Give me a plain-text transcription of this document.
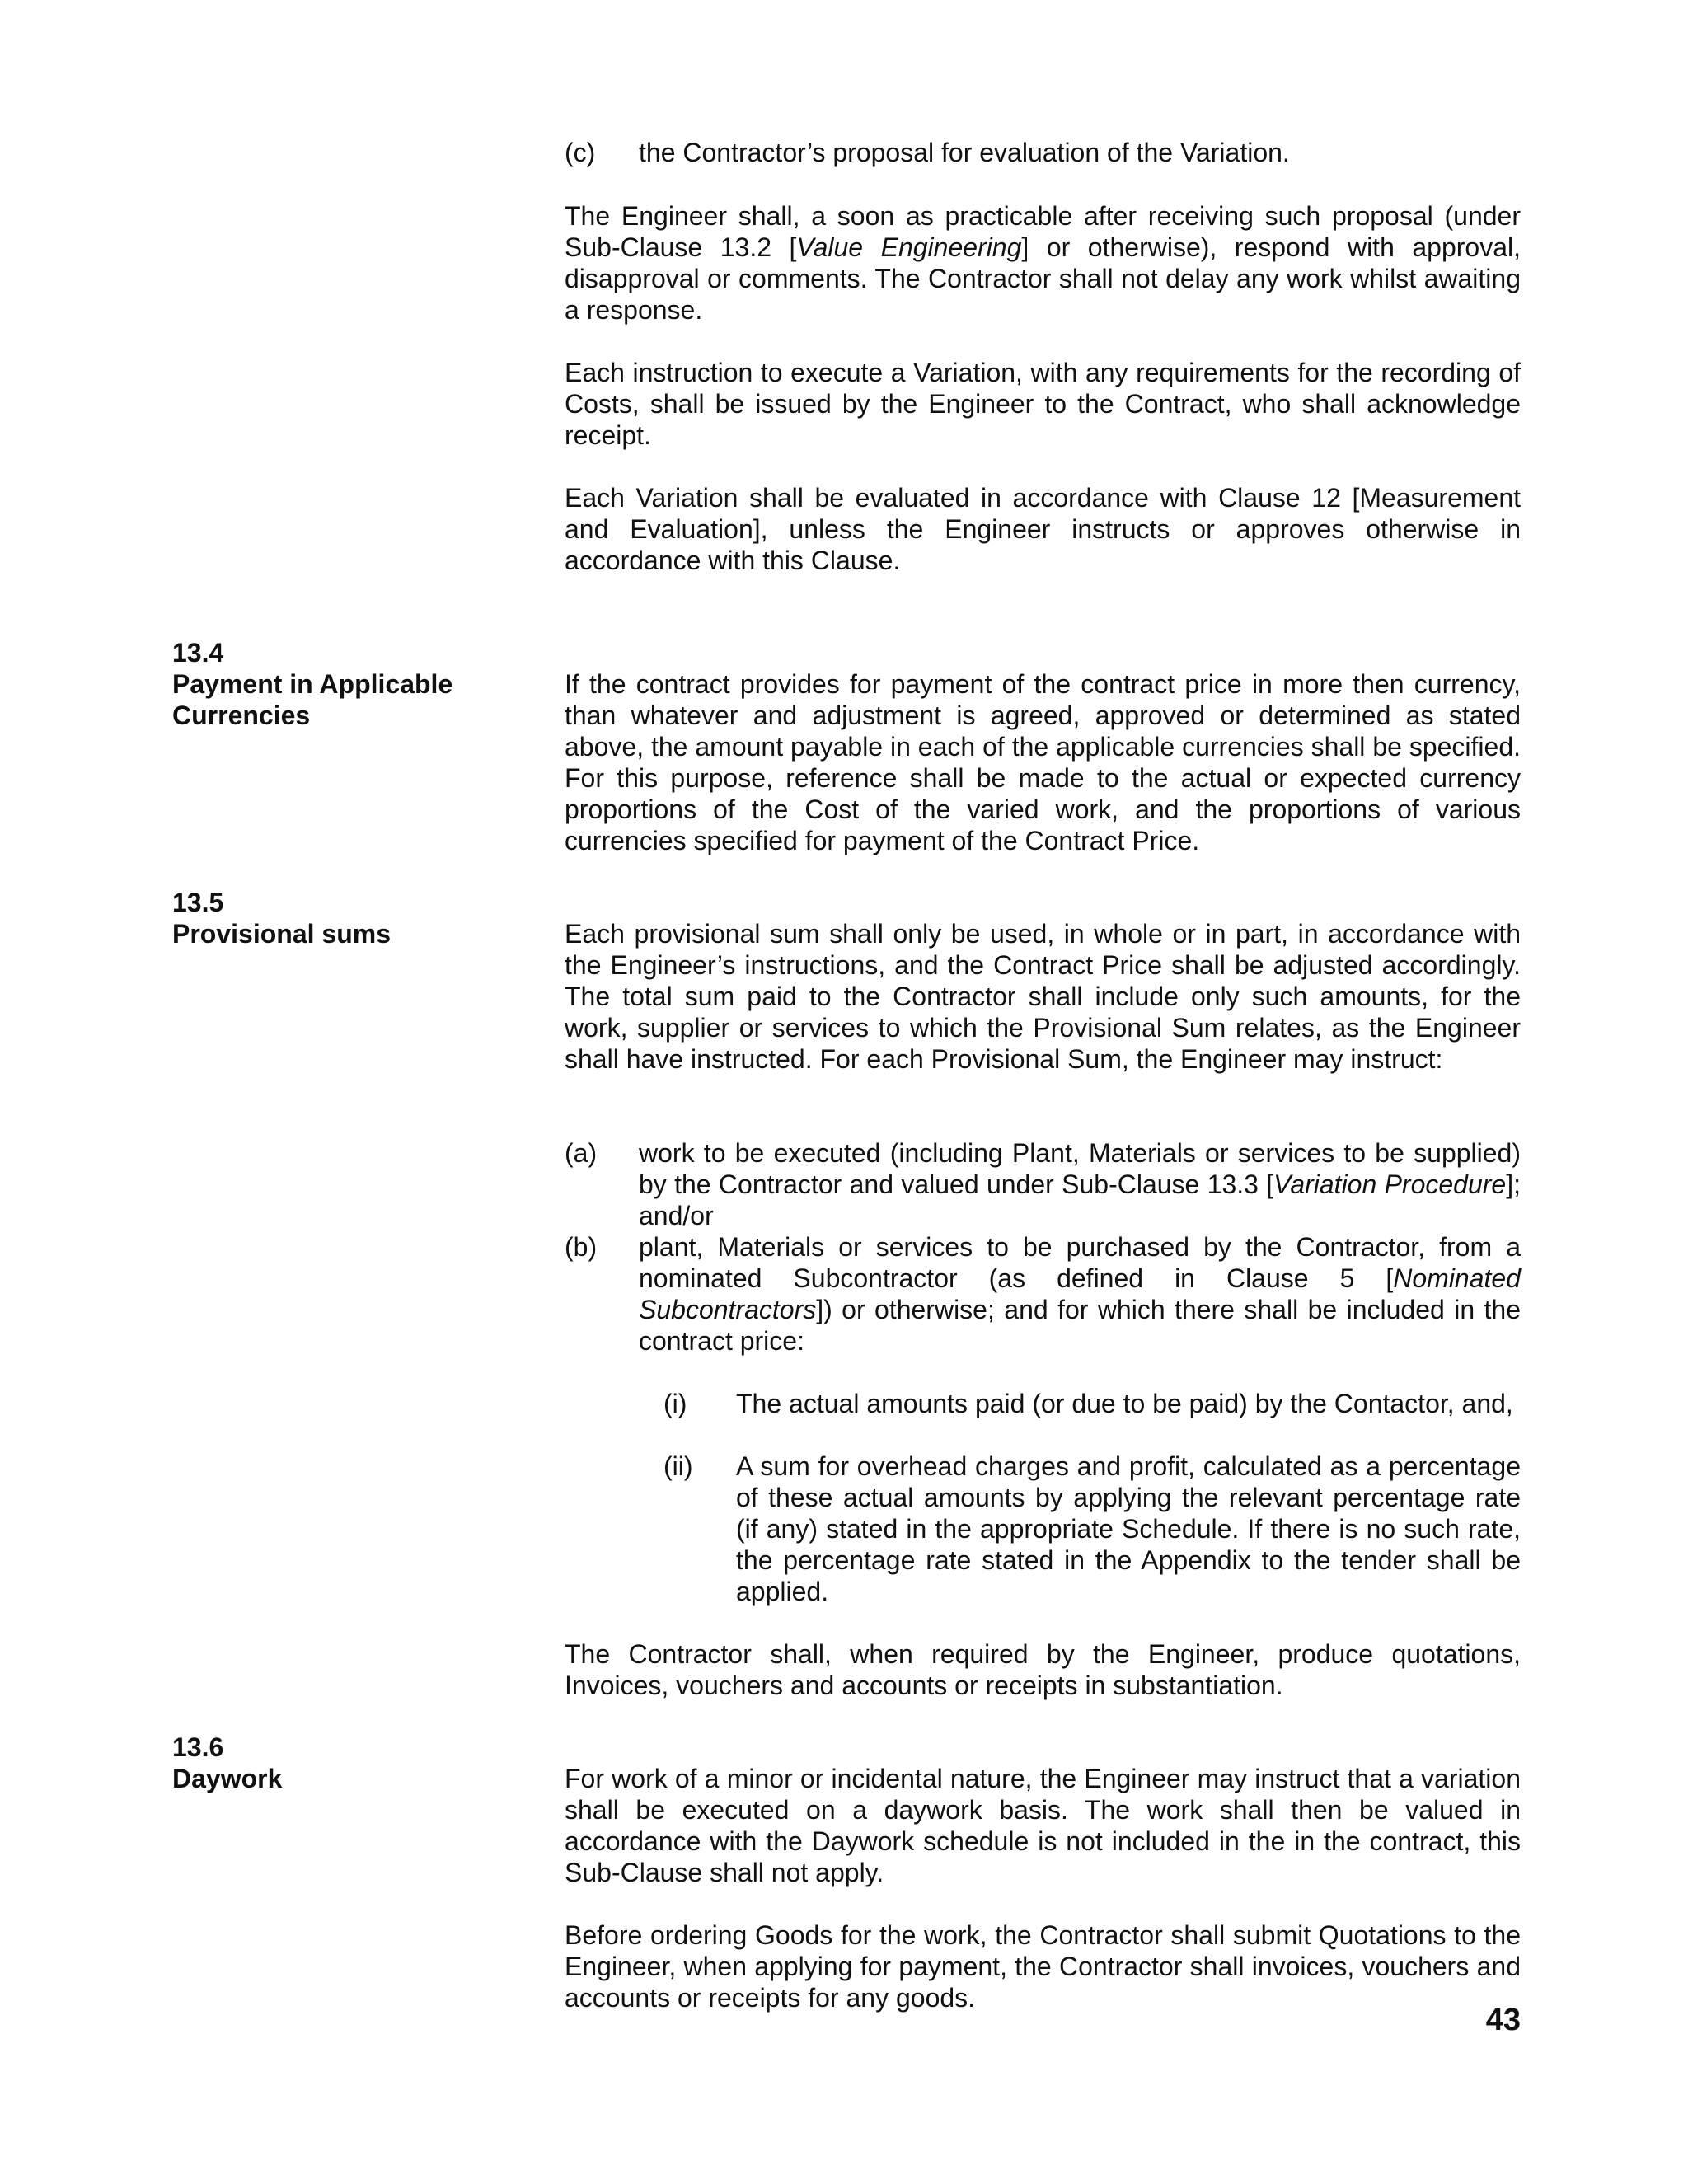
(c)	the Contractor’s proposal for evaluation of the Variation.

The Engineer shall, a soon as practicable after receiving such proposal (under Sub-Clause 13.2 [Value Engineering] or otherwise), respond with approval, disapproval or comments. The Contractor shall not delay any work whilst awaiting a response.

Each instruction to execute a Variation, with any requirements for the recording of Costs, shall be issued by the Engineer to the Contract, who shall acknowledge receipt.

Each Variation shall be evaluated in accordance with Clause 12 [Measurement and Evaluation], unless the Engineer instructs or approves otherwise in accordance with this Clause.

13.4
Payment in Applicable
Currencies

If the contract provides for payment of the contract price in more then currency, than whatever and adjustment is agreed, approved or determined as stated above, the amount payable in each of the applicable currencies shall be specified. For this purpose, reference shall be made to the actual or expected currency proportions of the Cost of the varied work, and the proportions of various currencies specified for payment of the Contract Price.

13.5
Provisional sums	Each provisional sum shall only be used, in whole or in part, in accordance with the Engineer’s instructions, and the Contract Price shall be adjusted accordingly. The total sum paid to the Contractor shall include only such amounts, for the work, supplier or services to which the Provisional Sum relates, as the Engineer shall have instructed. For each Provisional Sum, the Engineer may instruct:

(a)	work to be executed (including Plant, Materials or services to be supplied) by the Contractor and valued under Sub-Clause 13.3 [Variation Procedure]; and/or
(b)	plant, Materials or services to be purchased by the Contractor, from a nominated Subcontractor (as defined in Clause 5 [Nominated Subcontractors]) or otherwise; and for which there shall be included in the contract price:
(i)	The actual amounts paid (or due to be paid) by the Contactor, and,
(ii)	A sum for overhead charges and profit, calculated as a percentage of these actual amounts by applying the relevant percentage rate (if any) stated in the appropriate Schedule. If there is no such rate, the percentage rate stated in the Appendix to the tender shall be applied.

The Contractor shall, when required by the Engineer, produce quotations, Invoices, vouchers and accounts or receipts in substantiation.

13.6
Daywork	For work of a minor or incidental nature, the Engineer may instruct that a variation shall be executed on a daywork basis. The work shall then be valued in accordance with the Daywork schedule is not included in the in the contract, this Sub-Clause shall not apply.

Before ordering Goods for the work, the Contractor shall submit Quotations to the Engineer, when applying for payment, the Contractor shall invoices, vouchers and accounts or receipts for any goods.

43
